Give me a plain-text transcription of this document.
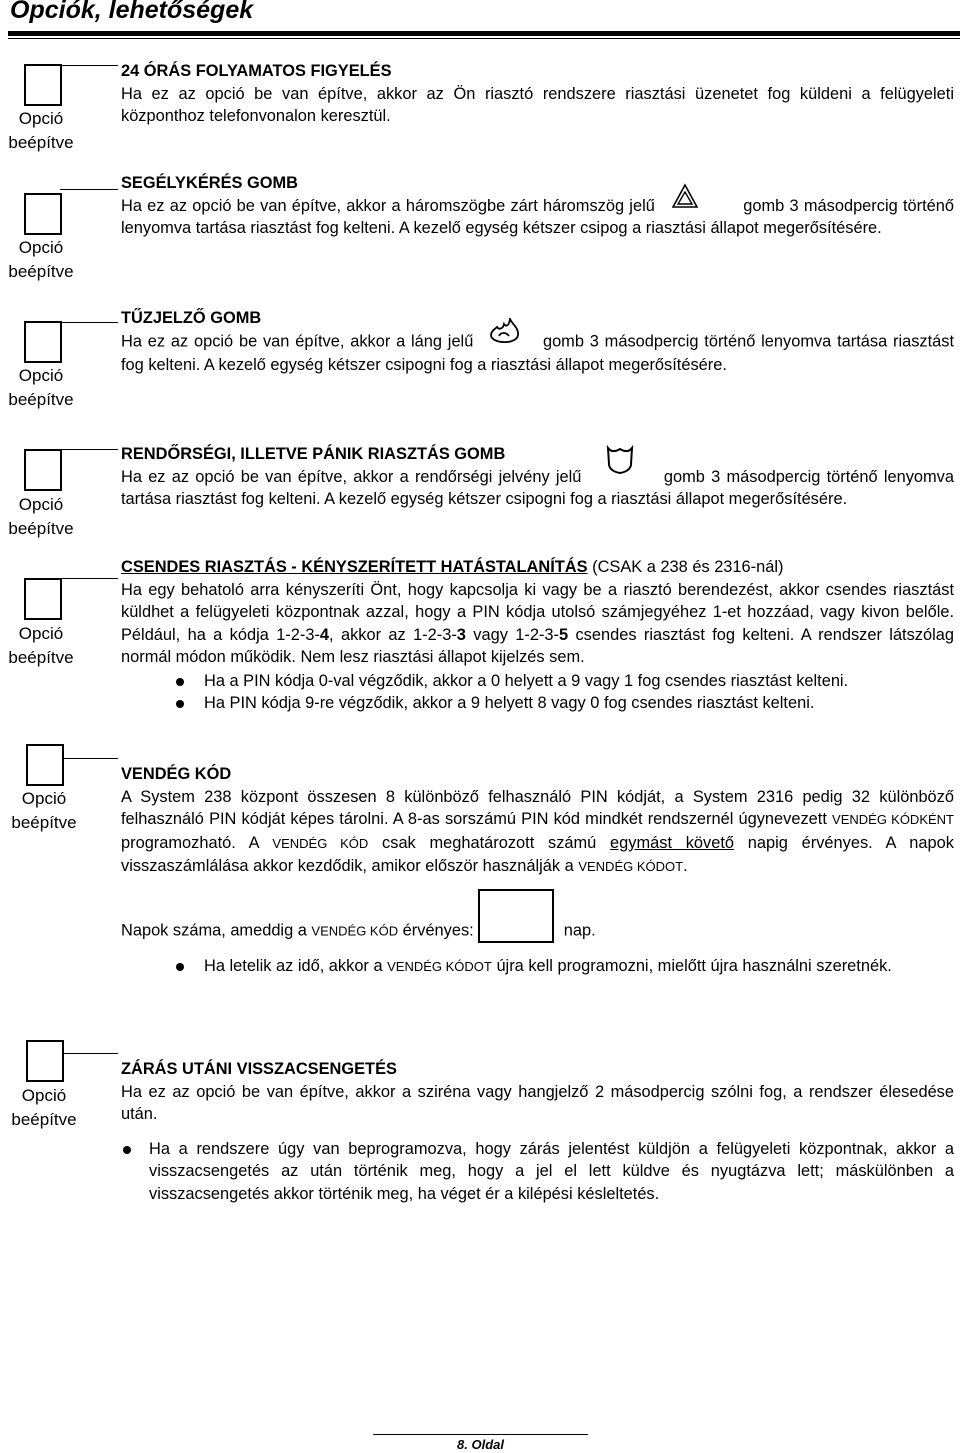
Opciók, lehetőségek
Opció
beépítve
Opció
beépítve
Opció
beépítve
Opció
beépítve
Opció
beépítve
Opció
beépítve
Opció
beépítve

24 ÓRÁS FOLYAMATOS FIGYELÉS

Ha ez az opció be van építve, akkor az Ön riasztó rendszere riasztási üzenetet fog küldeni a felügyeleti központhoz telefonvonalon keresztül.

SEGÉLYKÉRÉS GOMB

Ha ez az opció be van építve, akkor a háromszögbe zárt háromszög jelű	gomb 3 másodpercig történő lenyomva tartása riasztást fog kelteni. A kezelő egység kétszer csipog a riasztási állapot megerősítésére.

TŰZJELZŐ GOMB

Ha ez az opció be van építve, akkor a láng jelű	gomb 3 másodpercig történő lenyomva tartása riasztást fog kelteni. A kezelő egység kétszer csipogni fog a riasztási állapot megerősítésére.

RENDŐRSÉGI, ILLETVE PÁNIK RIASZTÁS GOMB

Ha ez az opció be van építve, akkor a rendőrségi jelvény jelű	gomb 3 másodpercig történő lenyomva tartása riasztást fog kelteni. A kezelő egység kétszer csipogni fog a riasztási állapot megerősítésére.

CSENDES RIASZTÁS - KÉNYSZERÍTETT HATÁSTALANÍTÁS (CSAK a 238 és 2316-nál)

Ha egy behatoló arra kényszeríti Önt, hogy kapcsolja ki vagy be a riasztó berendezést, akkor csendes riasztást küldhet a felügyeleti központnak azzal, hogy a PIN kódja utolsó számjegyéhez 1-et hozzáad, vagy kivon belőle. Például, ha a kódja 1-2-3-4, akkor az 1-2-3-3 vagy 1-2-3-5 csendes riasztást fog kelteni. A rendszer látszólag normál módon működik. Nem lesz riasztási állapot kijelzés sem.

Ha a PIN kódja 0-val végződik, akkor a 0 helyett a 9 vagy 1 fog csendes riasztást kelteni.
Ha PIN kódja 9-re végződik, akkor a 9 helyett 8 vagy 0 fog csendes riasztást kelteni.

VENDÉG KÓD

A System 238 központ összesen 8 különböző felhasználó PIN kódját, a System 2316 pedig 32 különböző felhasználó PIN kódját képes tárolni. A 8-as sorszámú PIN kód mindkét rendszernél úgynevezett VENDÉG KÓDKÉNT programozható. A VENDÉG KÓD csak meghatározott számú egymást követő napig érvényes. A napok visszaszámlálása akkor kezdődik, amikor először használják a VENDÉG KÓDOT.

Napok száma, ameddig a VENDÉG KÓD érvényes:	nap.

Ha letelik az idő, akkor a VENDÉG KÓDOT újra kell programozni, mielőtt újra használni szeretnék.

ZÁRÁS UTÁNI VISSZACSENGETÉS

Ha ez az opció be van építve, akkor a sziréna vagy hangjelző 2 másodpercig szólni fog, a rendszer élesedése után.

Ha a rendszere úgy van beprogramozva, hogy zárás jelentést küldjön a felügyeleti központnak, akkor a visszacsengetés az után történik meg, hogy a jel el lett küldve és nyugtázva lett; máskülönben a visszacsengetés akkor történik meg, ha véget ér a kilépési késleltetés.
8. Oldal
